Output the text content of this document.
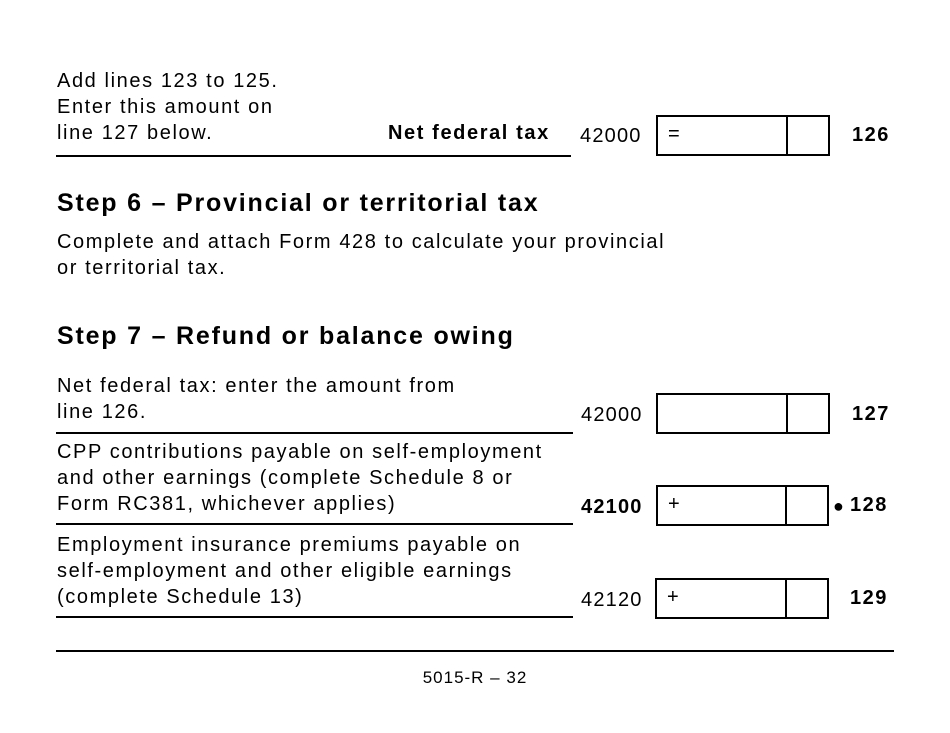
Add lines 123 to 125.
Enter this amount on
line 127 below.	Net federal tax 42000 =	126
Step 6 – Provincial or territorial tax
Complete and attach Form 428 to calculate your provincial
or territorial tax.
Step 7 – Refund or balance owing
Net federal tax: enter the amount from
line 126.	42000	127
CPP contributions payable on self-employment
and other earnings (complete Schedule 8 or
Form RC381, whichever applies)	42100 +	● 128
Employment insurance premiums payable on
self-employment and other eligible earnings
(complete Schedule 13)	42120 +	129
5015-R – 32
